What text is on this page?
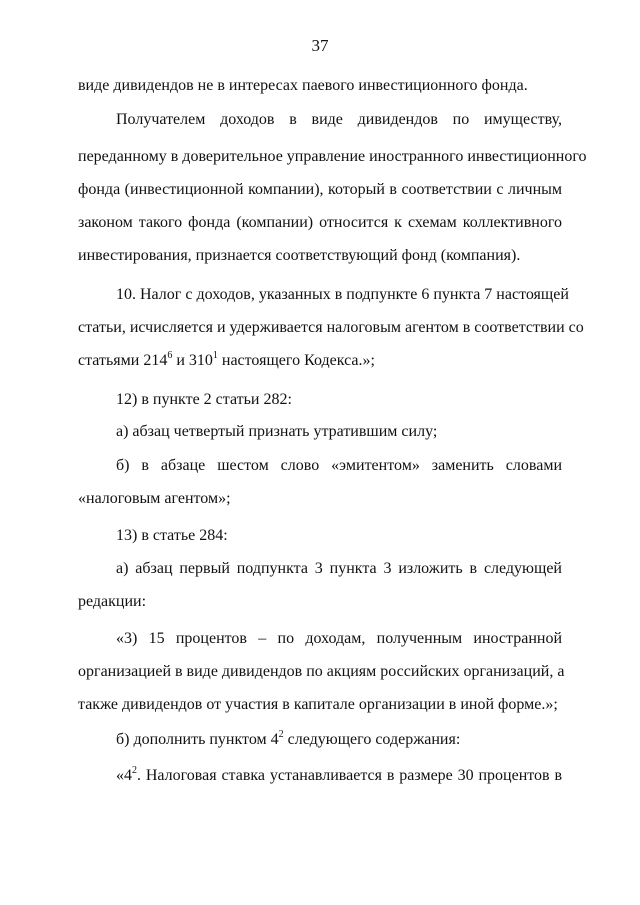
37
виде дивидендов не в интересах паевого инвестиционного фонда.
Получателем доходов в виде дивидендов по имуществу,
переданному в доверительное управление иностранного инвестиционного
фонда (инвестиционной компании), который в соответствии с личным
законом такого фонда (компании) относится к схемам коллективного
инвестирования, признается соответствующий фонд (компания).
10. Налог с доходов, указанных в подпункте 6 пункта 7 настоящей
статьи, исчисляется и удерживается налоговым агентом в соответствии со
статьями $214^6$ и $310^1$ настоящего Кодекса.»;
12) в пункте 2 статьи 282:
а) абзац четвертый признать утратившим силу;
б) в абзаце шестом слово «эмитентом» заменить словами
«налоговым агентом»;
13) в статье 284:
а) абзац первый подпункта 3 пункта 3 изложить в следующей
редакции:
«3) 15 процентов – по доходам, полученным иностранной
организацией в виде дивидендов по акциям российских организаций, а
также дивидендов от участия в капитале организации в иной форме.»;
б) дополнить пунктом $4^2$ следующего содержания:
«$4^2$. Налоговая ставка устанавливается в размере 30 процентов в
